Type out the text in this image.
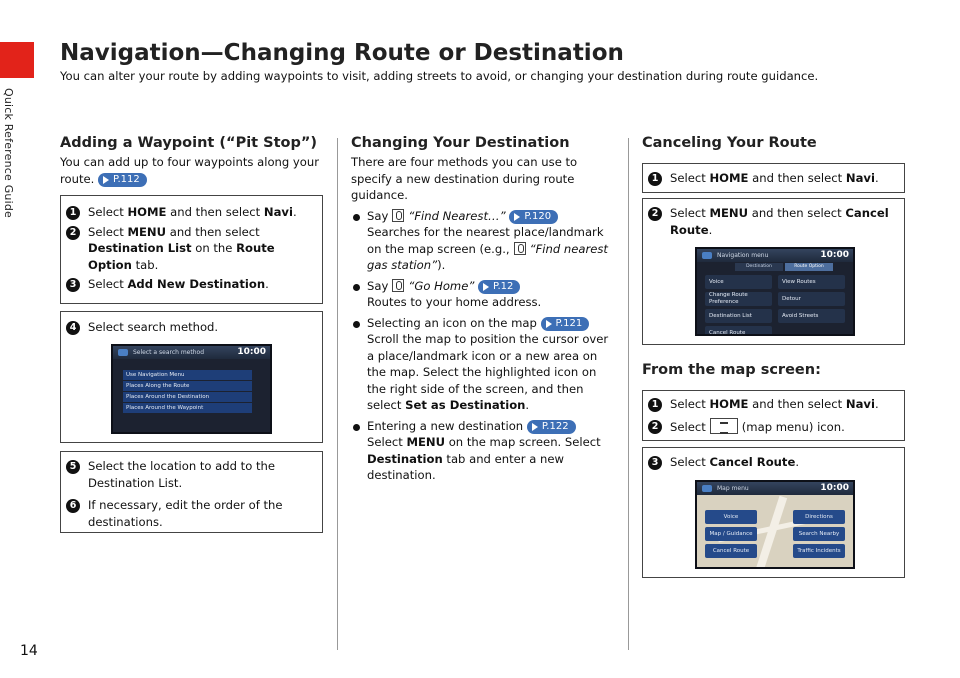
Quick Reference Guide
14
Navigation—Changing Route or Destination
You can alter your route by adding waypoints to visit, adding streets to avoid, or changing your destination during route guidance.
Adding a Waypoint (“Pit Stop”)

You can add up to four waypoints along your route. P.112

1	Select HOME and then select Navi.
2	Select MENU and then select Destination List on the Route Option tab.
3	Select Add New Destination.
4	Select search method.
Select a search method	10:00
Use Navigation Menu
Places Along the Route
Places Around the Destination
Places Around the Waypoint
5	Select the location to add to the Destination List.
6	If necessary, edit the order of the destinations.
Changing Your Destination

There are four methods you can use to specify a new destination during route guidance.

Say “Find Nearest…” P.120

Searches for the nearest place/landmark on the map screen (e.g., “Find nearest gas station”).

Say “Go Home” P.12

Routes to your home address.

Selecting an icon on the map P.121

Scroll the map to position the cursor over a place/landmark icon or a new area on the map. Select the highlighted icon on the right side of the screen, and then select Set as Destination.

Entering a new destination P.122

Select MENU on the map screen. Select Destination tab and enter a new destination.

Canceling Your Route
1	Select HOME and then select Navi.
2	Select MENU and then select Cancel Route.
Navigation menu	10:00
Destination	Route Option
Voice	View Routes
Change Route Preference
Detour
Destination List	Avoid Streets
Cancel Route
From the map screen:
1	Select HOME and then select Navi.
2	Select	(map menu) icon.
3	Select Cancel Route.
Map menu	10:00
Voice	Directions
Map / Guidance	Search Nearby
Cancel Route	Traffic Incidents
